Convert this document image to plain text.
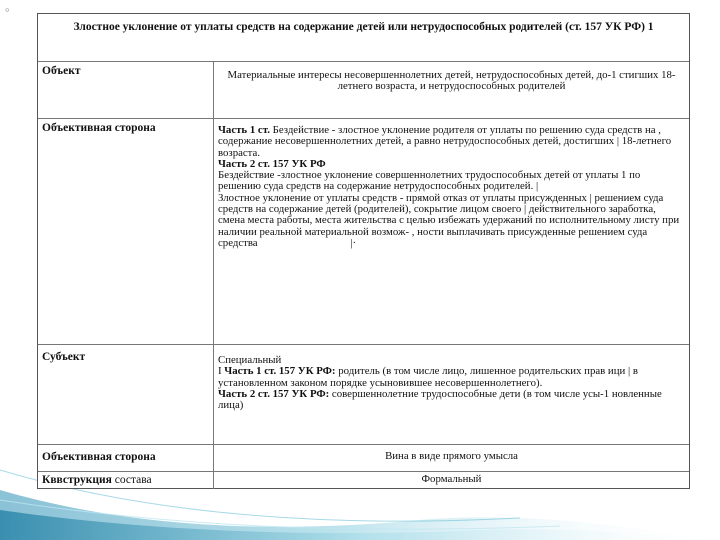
◦
Злостное уклонение от уплаты средств на содержание детей или нетрудоспособных родителей (ст. 157 УК РФ) 1
Объект	Материальные интересы несовершеннолетних детей, нетрудоспособных детей, до-1 стигших 18-летнего возраста, и нетрудоспособных родителей
Объективная сторона	Часть 1 ст. Бездействие - злостное уклонение родителя от уплаты по решению суда средств на , содержание несовершеннолетних детей, а равно нетрудоспособных детей, достигших | 18-летнего возраста.
Часть 2 ст. 157 УК РФ
Бездействие -злостное уклонение совершеннолетних трудоспособных детей от уплаты 1 по решению суда средств на содержание нетрудоспособных родителей. |
Злостное уклонение от уплаты средств - прямой отказ от уплаты присужденных | решением суда средств на содержание детей (родителей), сокрытие лицом своего | действительного заработка, смена места работы, места жительства с целью избежать удержаний по исполнительному листу при наличии реальной материальной возмож- , ности выплачивать присужденные решением суда средства	|·
Субъект	Специальный
I Часть 1 ст. 157 УК РФ: родитель (в том числе лицо, лишенное родительских прав ици | в установленном законом порядке усыновившее несовершеннолетнего).
Часть 2 ст. 157 УК РФ: совершеннолетние трудоспособные дети (в том числе усы-1 новленные лица)
Объективная сторона	Вина в виде прямого умысла
Кввструкция состава	Формальный
